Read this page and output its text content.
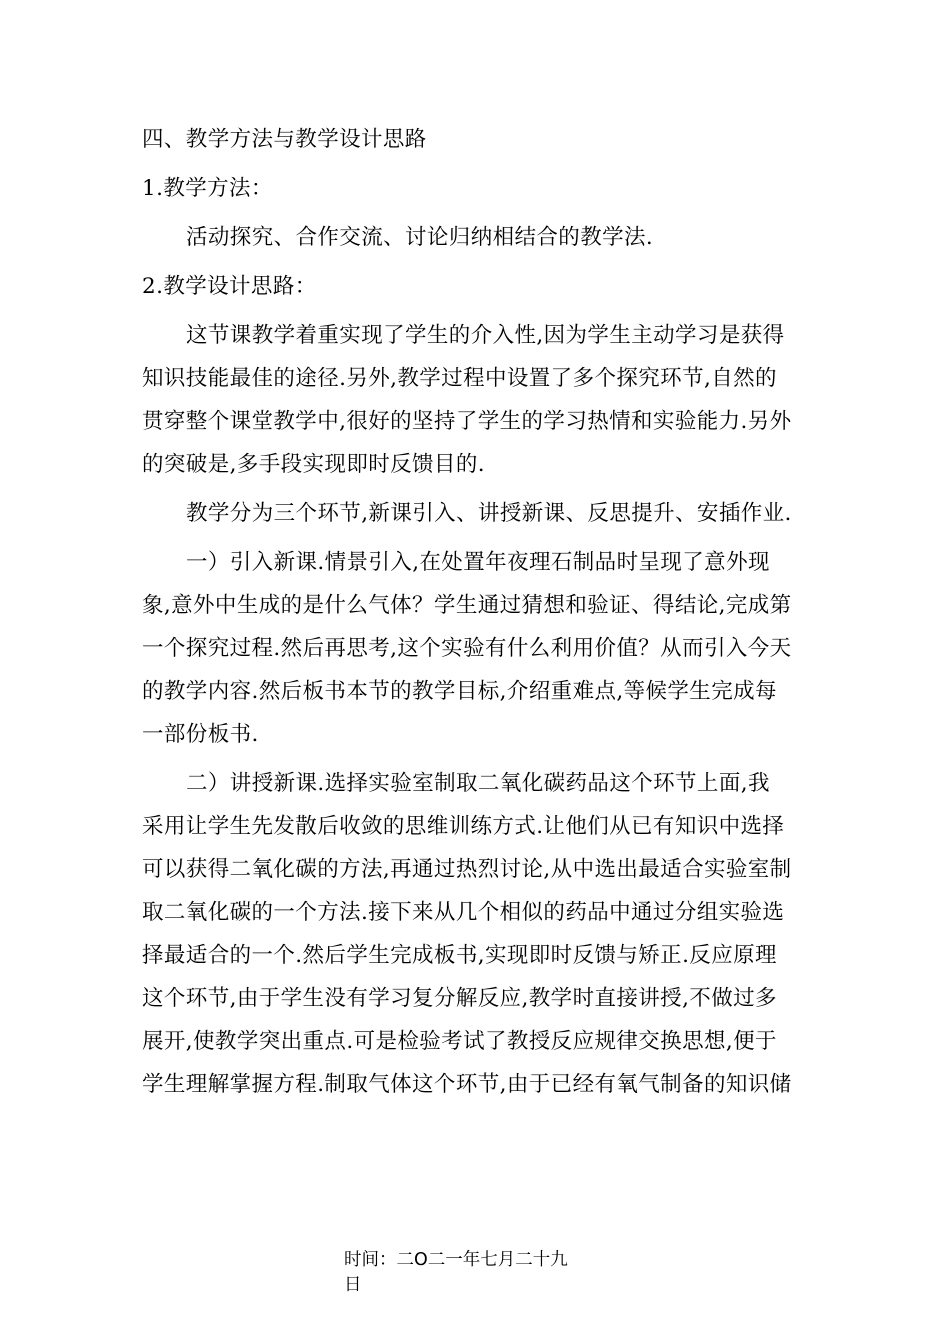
四、教学方法与教学设计思路
1.教学方法：
活动探究、合作交流、讨论归纳相结合的教学法.
2.教学设计思路：
这节课教学着重实现了学生的介入性,因为学生主动学习是获得
知识技能最佳的途径.另外,教学过程中设置了多个探究环节,自然的
贯穿整个课堂教学中,很好的坚持了学生的学习热情和实验能力.另外
的突破是,多手段实现即时反馈目的.
教学分为三个环节,新课引入、讲授新课、反思提升、安插作业.
一）引入新课.情景引入,在处置年夜理石制品时呈现了意外现
象,意外中生成的是什么气体？学生通过猜想和验证、得结论,完成第
一个探究过程.然后再思考,这个实验有什么利用价值？从而引入今天
的教学内容.然后板书本节的教学目标,介绍重难点,等候学生完成每
一部份板书.
二）讲授新课.选择实验室制取二氧化碳药品这个环节上面,我
采用让学生先发散后收敛的思维训练方式.让他们从已有知识中选择
可以获得二氧化碳的方法,再通过热烈讨论,从中选出最适合实验室制
取二氧化碳的一个方法.接下来从几个相似的药品中通过分组实验选
择最适合的一个.然后学生完成板书,实现即时反馈与矫正.反应原理
这个环节,由于学生没有学习复分解反应,教学时直接讲授,不做过多
展开,使教学突出重点.可是检验考试了教授反应规律交换思想,便于
学生理解掌握方程.制取气体这个环节,由于已经有氧气制备的知识储
时间：二O二一年七月二十九
日
